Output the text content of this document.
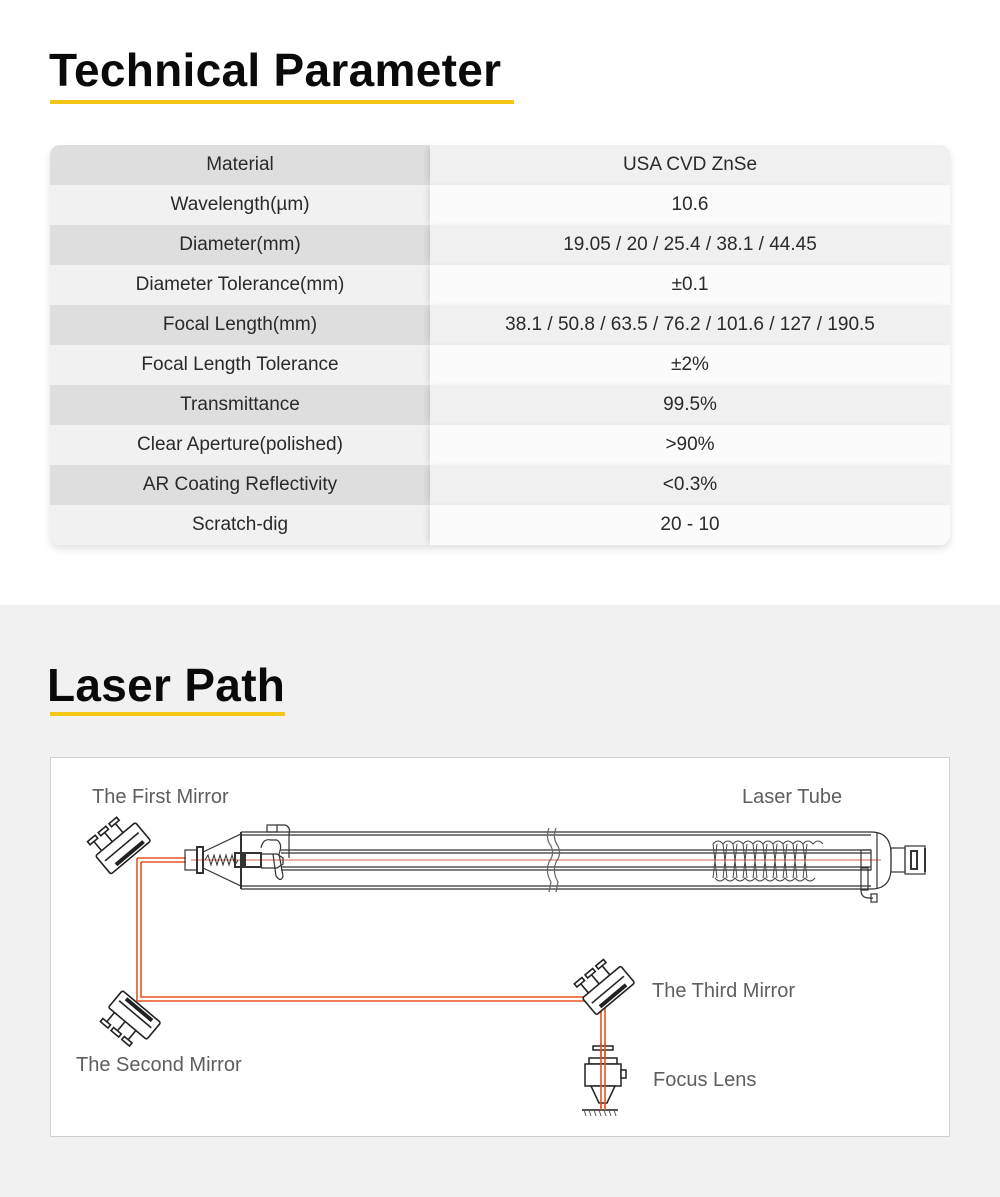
Technical Parameter
Material	USA CVD ZnSe
Wavelength(µm)	10.6
Diameter(mm)	19.05 / 20 / 25.4 / 38.1 / 44.45
Diameter Tolerance(mm)	±0.1
Focal Length(mm)	38.1 / 50.8 / 63.5 / 76.2 / 101.6 / 127 / 190.5
Focal Length Tolerance	±2%
Transmittance	99.5%
Clear Aperture(polished)	>90%
AR Coating Reflectivity	<0.3%
Scratch-dig	20 - 10
Laser Path
The First Mirror	Laser Tube
The Second Mirror
The Third Mirror
Focus Lens
